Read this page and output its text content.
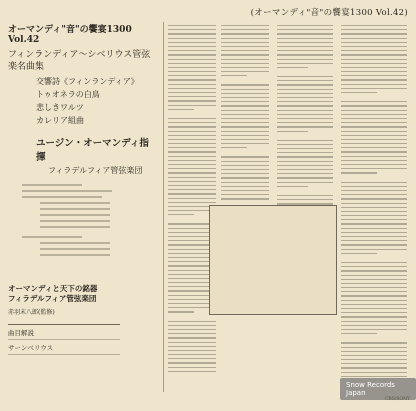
(オーマンディ"音"の饗宴1300 Vol.42)
オーマンディ"音"の饗宴1300 Vol.42
フィンランディア～シベリウス管弦楽名曲集
交響詩《フィンランディア》
トゥオネラの白鳥
悲しきワルツ
カレリア組曲
ユージン・オーマンディ指揮
フィラデルフィア管弦楽団
オーマンディと天下の銘器
フィラデルフィア管弦楽団
赤羽末八郎(監修)
曲目解説
サーンベリウス
Snow Records Japan
CBS/SONY
